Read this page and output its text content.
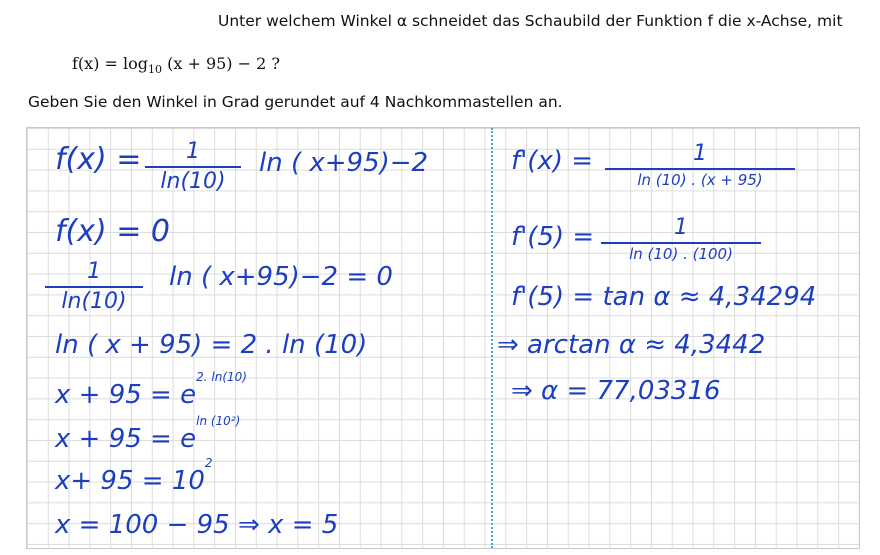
Unter welchem Winkel α schneidet das Schaubild der Funktion f die x-Achse, mit
$f(x) = \log_{10} (x + 95) - 2$ ?
Geben Sie den Winkel in Grad gerundet auf 4 Nachkommastellen an.
f(x) = 1
ln(10)
ln ( x+95)−2
f(x) = 0
1
ln(10)
ln ( x+95)−2 = 0
ln ( x + 95) = 2 . ln (10)
$x + 95 = e^{2. ln(10)}$
$x + 95 = e^{ln (10^2)}$
$x+ 95 = 10^2$
x = 100 − 95 ⇒ x = 5
f'(x) =	1
ln (10) . (x + 95)
f'(5) =	1
ln (10) . (100)
f'(5) = tan α ≈ 4,34294
⇒ arctan α ≈ 4,3442
⇒ α = 77,03316
